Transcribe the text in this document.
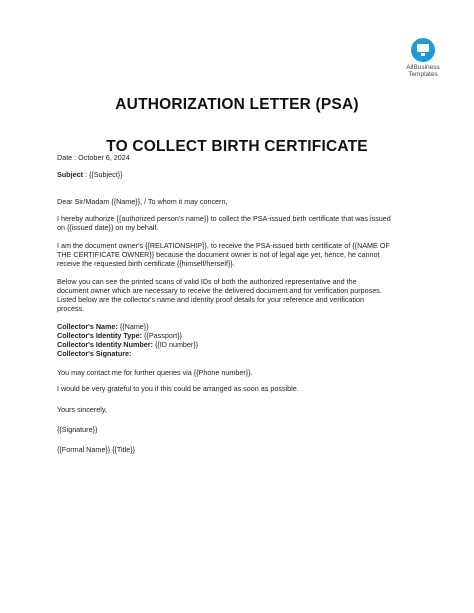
AllBusiness
Templates
AUTHORIZATION LETTER (PSA)
TO COLLECT BIRTH CERTIFICATE
Date : October 6, 2024
Subject : {{Subject}}
Dear Sir/Madam {{Name}}, / To whom it may concern,
I hereby authorize {{authorized person's name}} to collect the PSA-issued birth certificate that was issued
on {{issued date}} on my behalf.
I am the document owner's {{RELATIONSHIP}}, to receive the PSA-issued birth certificate of {{NAME OF
THE CERTIFICATE OWNER}} because the document owner is not of legal age yet, hence, he cannot
receive the requested birth certificate {{himself/herself}}.
Below you can see the printed scans of valid IDs of both the authorized representative and the
document owner which are necessary to receive the delivered document and for verification purposes.
Listed below are the collector's name and identity proof details for your reference and verification
process.
Collector's Name: {{Name}}
Collector's Identity Type: {{Passport}}
Collector's Identity Number: {{ID number}}
Collector's Signature:
You may contact me for further queries via {{Phone number}}.
I would be very grateful to you if this could be arranged as soon as possible.
Yours sincerely,
{{Signature}}
{{Formal Name}} {{Title}}
